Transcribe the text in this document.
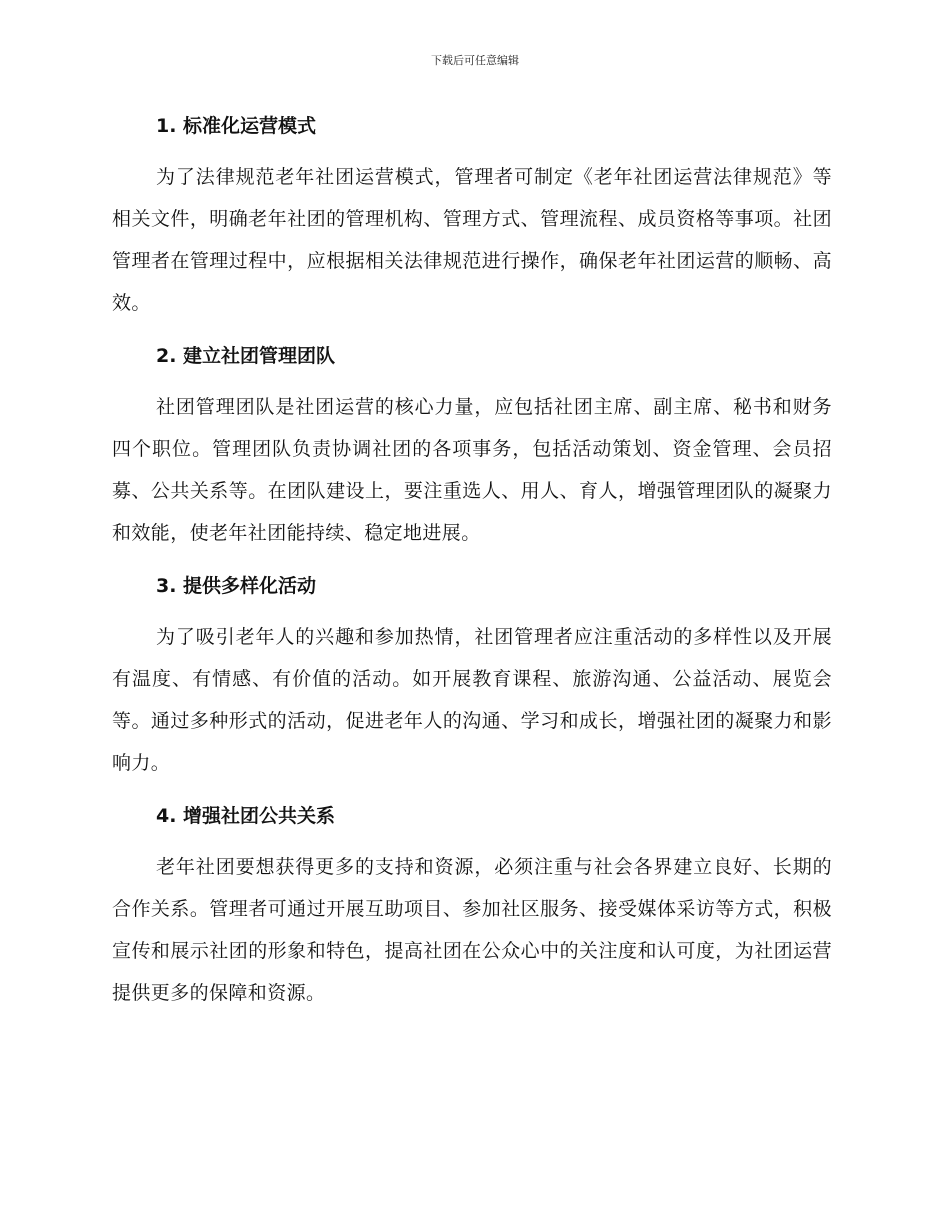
下载后可任意编辑
1. 标准化运营模式

为了法律规范老年社团运营模式，管理者可制定《老年社团运营法律规范》等相关文件，明确老年社团的管理机构、管理方式、管理流程、成员资格等事项。社团管理者在管理过程中，应根据相关法律规范进行操作，确保老年社团运营的顺畅、高效。

2. 建立社团管理团队

社团管理团队是社团运营的核心力量，应包括社团主席、副主席、秘书和财务四个职位。管理团队负责协调社团的各项事务，包括活动策划、资金管理、会员招募、公共关系等。在团队建设上，要注重选人、用人、育人，增强管理团队的凝聚力和效能，使老年社团能持续、稳定地进展。

3. 提供多样化活动

为了吸引老年人的兴趣和参加热情，社团管理者应注重活动的多样性以及开展有温度、有情感、有价值的活动。如开展教育课程、旅游沟通、公益活动、展览会等。通过多种形式的活动，促进老年人的沟通、学习和成长，增强社团的凝聚力和影响力。

4. 增强社团公共关系

老年社团要想获得更多的支持和资源，必须注重与社会各界建立良好、长期的合作关系。管理者可通过开展互助项目、参加社区服务、接受媒体采访等方式，积极宣传和展示社团的形象和特色，提高社团在公众心中的关注度和认可度，为社团运营提供更多的保障和资源。
